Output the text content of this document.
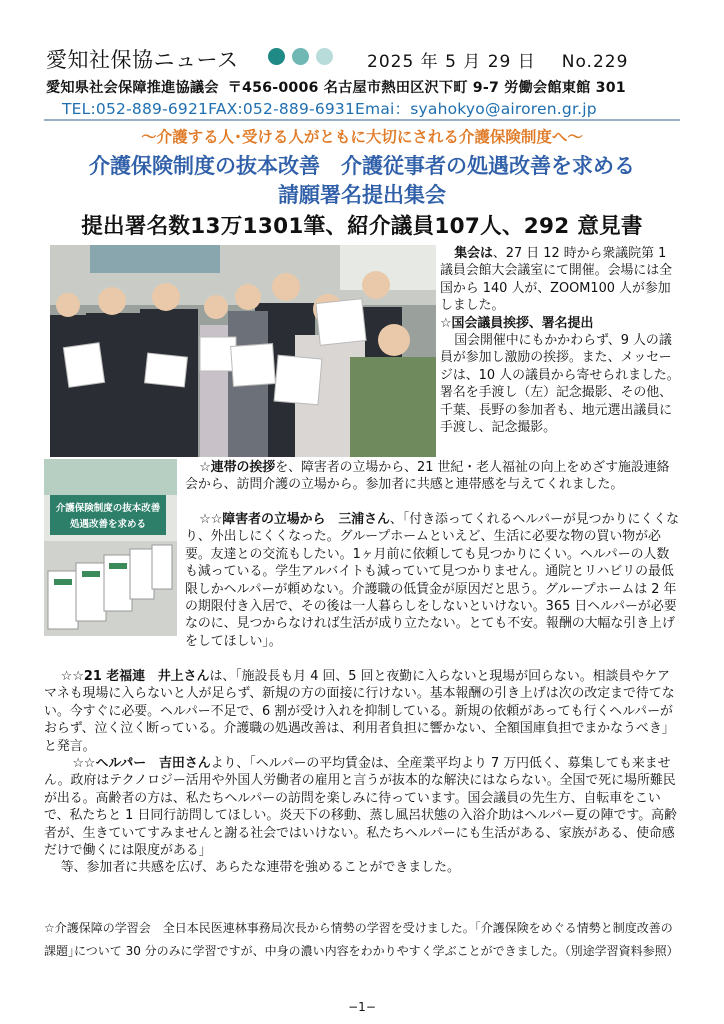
愛知社保協ニュース	2025 年 5 月 29 日 No.229
愛知県社会保障推進協議会 〒456-0006 名古屋市熱田区沢下町 9-7 労働会館東館 301
TEL:052-889-6921FAX:052-889-6931Emai：syahokyo@airoren.gr.jp
～介護する人･受ける人がともに大切にされる介護保険制度へ～
介護保険制度の抜本改善　介護従事者の処遇改善を求める
請願署名提出集会
提出署名数13万1301筆、紹介議員107人、292 意見書

集会は、27 日 12 時から衆議院第 1 議員会館大会議室にて開催。会場には全国から 140 人が、ZOOM100 人が参加しました。

☆国会議員挨拶、署名提出

国会開催中にもかかわらず、9 人の議員が参加し激励の挨拶。また、メッセージは、10 人の議員から寄せられました。署名を手渡し（左）記念撮影、その他、千葉、長野の参加者も、地元選出議員に手渡し、記念撮影。

介護保険制度の抜本改善
処遇改善を求める

☆連帯の挨拶を、障害者の立場から、21 世紀・老人福祉の向上をめざす施設連絡会から、訪問介護の立場から。参加者に共感と連帯感を与えてくれました。

☆☆障害者の立場から　三浦さん、｢付き添ってくれるヘルパーが見つかりにくくなり、外出しにくくなった。グループホームといえど、生活に必要な物の買い物が必要。友達との交流もしたい。1ヶ月前に依頼しても見つかりにくい。ヘルパーの人数も減っている。学生アルバイトも減っていて見つかりません。通院とリハビリの最低限しかヘルパーが頼めない。介護職の低賃金が原因だと思う。グループホームは 2 年の期限付き入居で、その後は一人暮らしをしないといけない。365 日ヘルパーが必要なのに、見つからなければ生活が成り立たない。とても不安。報酬の大幅な引き上げをしてほしい｣。

☆☆21 老福連　井上さんは、｢施設長も月 4 回、5 回と夜勤に入らないと現場が回らない。相談員やケアマネも現場に入らないと人が足らず、新規の方の面接に行けない。基本報酬の引き上げは次の改定まで待てない。今すぐに必要。ヘルパー不足で、6 割が受け入れを抑制している。新規の依頼があっても行くヘルパーがおらず、泣く泣く断っている。介護職の処遇改善は、利用者負担に響かない、全額国庫負担でまかなうべき｣と発言。

☆☆ヘルパー　吉田さんより、｢ヘルパーの平均賃金は、全産業平均より 7 万円低く、募集しても来ません。政府はテクノロジー活用や外国人労働者の雇用と言うが抜本的な解決にはならない。全国で死に場所難民が出る。高齢者の方は、私たちヘルパーの訪問を楽しみに待っています。国会議員の先生方、自転車をこいで、私たちと 1 日同行訪問してほしい。炎天下の移動、蒸し風呂状態の入浴介助はヘルパー夏の陣です。高齢者が、生きていてすみませんと謝る社会ではいけない。私たちヘルパーにも生活がある、家族がある、使命感だけで働くには限度がある｣

等、参加者に共感を広げ、あらたな連帯を強めることができました。

☆介護保障の学習会　全日本民医連林事務局次長から情勢の学習を受けました。｢介護保険をめぐる情勢と制度改善の課題｣について 30 分のみに学習ですが、中身の濃い内容をわかりやすく学ぶことができました。（別途学習資料参照）

−1−
